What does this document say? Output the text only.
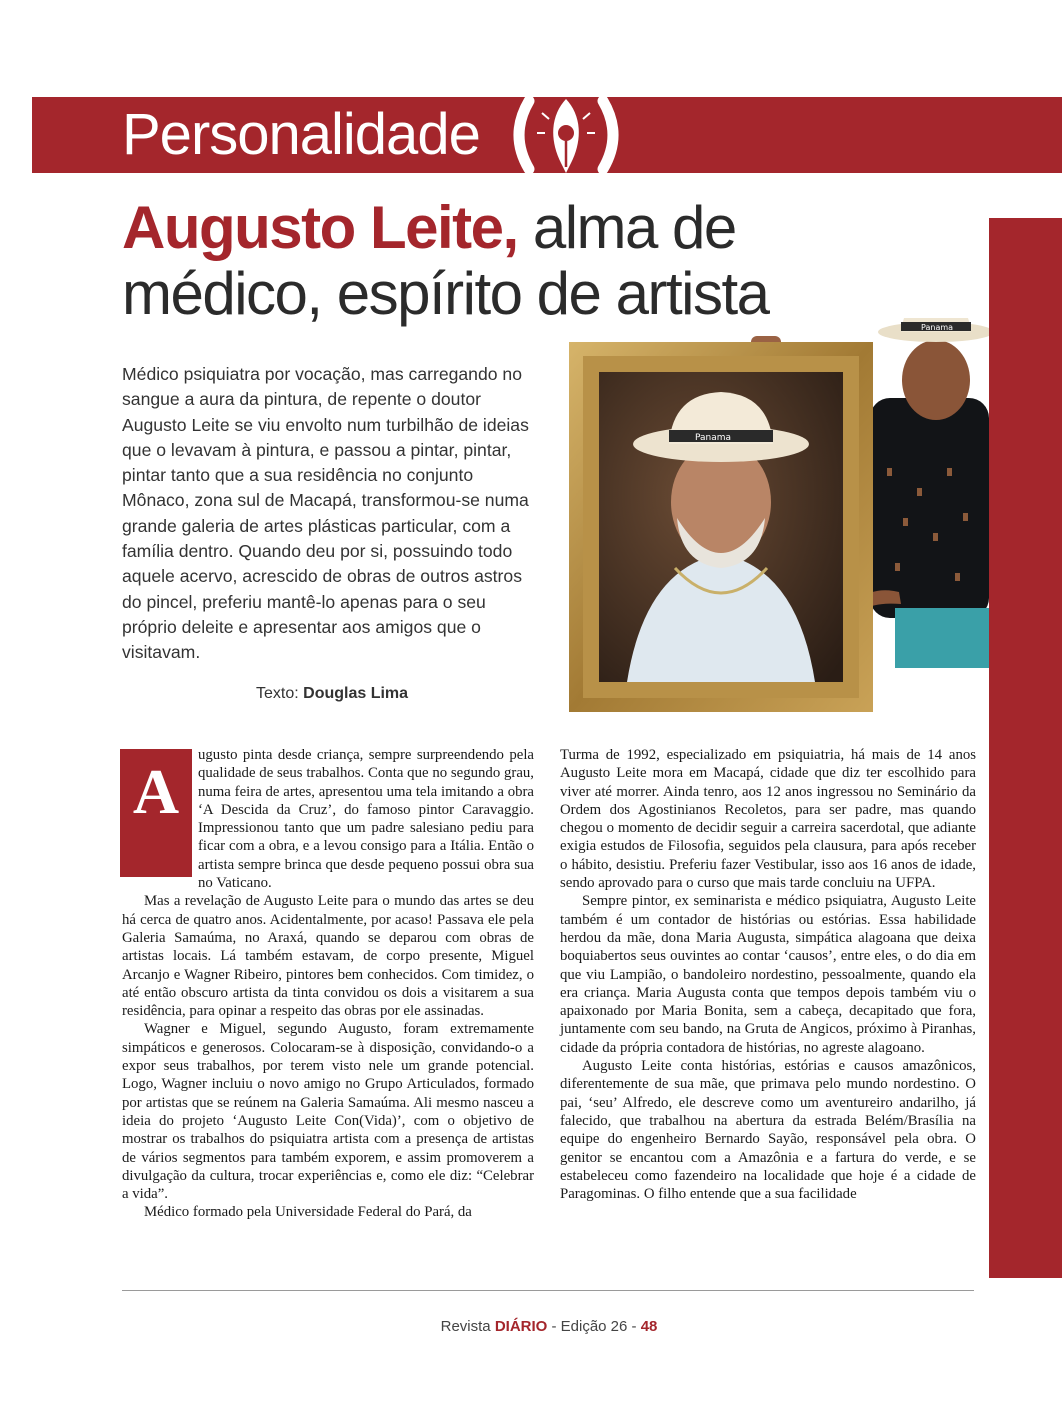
Personalidade
Augusto Leite, alma de
médico, espírito de artista
Médico psiquiatra por vocação, mas carregando no sangue a aura da pintura, de repente o doutor Augusto Leite se viu envolto num turbilhão de ideias que o levavam à pintura, e passou a pintar, pintar, pintar tanto que a sua residência no conjunto Mônaco, zona sul de Macapá, transformou-se numa grande galeria de artes plásticas particular, com a família dentro. Quando deu por si, possuindo todo aquele acervo, acrescido de obras de outros astros do pincel, preferiu mantê-lo apenas para o seu próprio deleite e apresentar aos amigos que o visitavam.
Texto: Douglas Lima
Panama
Panama
A

ugusto pinta desde criança, sempre surpreendendo pela qualidade de seus trabalhos. Conta que no segundo grau, numa feira de artes, apresentou uma tela imitando a obra ‘A Descida da Cruz’, do famoso pintor Caravaggio. Impressionou tanto que um padre salesiano pediu para ficar com a obra, e a levou consigo para a Itália. Então o artista sempre brinca que desde pequeno possui obra sua no Vaticano.

Mas a revelação de Augusto Leite para o mundo das artes se deu há cerca de quatro anos. Acidentalmente, por acaso! Passava ele pela Galeria Samaúma, no Araxá, quando se deparou com obras de artistas locais. Lá também estavam, de corpo presente, Miguel Arcanjo e Wagner Ribeiro, pintores bem conhecidos. Com timidez, o até então obscuro artista da tinta convidou os dois a visitarem a sua residência, para opinar a respeito das obras por ele assinadas.

Wagner e Miguel, segundo Augusto, foram extremamente simpáticos e generosos. Colocaram-se à disposição, convidando-o a expor seus trabalhos, por terem visto nele um grande potencial. Logo, Wagner incluiu o novo amigo no Grupo Articulados, formado por artistas que se reúnem na Galeria Samaúma. Ali mesmo nasceu a ideia do projeto ‘Augusto Leite Con(Vida)’, com o objetivo de mostrar os trabalhos do psiquiatra artista com a presença de artistas de vários segmentos para também exporem, e assim promoverem a divulgação da cultura, trocar experiências e, como ele diz: “Celebrar a vida”.

Médico formado pela Universidade Federal do Pará, da

Turma de 1992, especializado em psiquiatria, há mais de 14 anos Augusto Leite mora em Macapá, cidade que diz ter escolhido para viver até morrer. Ainda tenro, aos 12 anos ingressou no Seminário da Ordem dos Agostinianos Recoletos, para ser padre, mas quando chegou o momento de decidir seguir a carreira sacerdotal, que adiante exigia estudos de Filosofia, seguidos pela clausura, para após receber o hábito, desistiu. Preferiu fazer Vestibular, isso aos 16 anos de idade, sendo aprovado para o curso que mais tarde concluiu na UFPA.

Sempre pintor, ex seminarista e médico psiquiatra, Augusto Leite também é um contador de histórias ou estórias. Essa habilidade herdou da mãe, dona Maria Augusta, simpática alagoana que deixa boquiabertos seus ouvintes ao contar ‘causos’, entre eles, o do dia em que viu Lampião, o bandoleiro nordestino, pessoalmente, quando ela era criança. Maria Augusta conta que tempos depois também viu o apaixonado por Maria Bonita, sem a cabeça, decapitado que fora, juntamente com seu bando, na Gruta de Angicos, próximo à Piranhas, cidade da própria contadora de histórias, no agreste alagoano.

Augusto Leite conta histórias, estórias e causos amazônicos, diferentemente de sua mãe, que primava pelo mundo nordestino. O pai, ‘seu’ Alfredo, ele descreve como um aventureiro andarilho, já falecido, que trabalhou na abertura da estrada Belém/Brasília na equipe do engenheiro Bernardo Sayão, responsável pela obra. O genitor se encantou com a Amazônia e a fartura do verde, e se estabeleceu como fazendeiro na localidade que hoje é a cidade de Paragominas. O filho entende que a sua facilidade

Revista DIÁRIO - Edição 26 - 48
